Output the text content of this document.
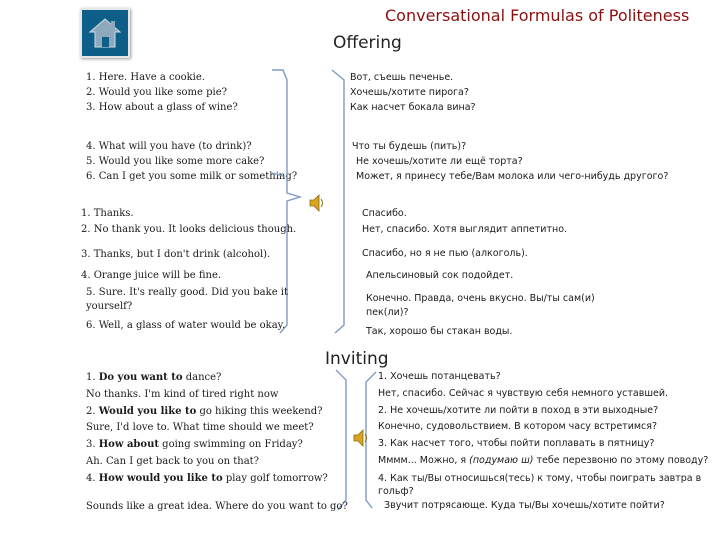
Conversational Formulas of Politeness
Offering
1. Here. Have a cookie.
2. Would you like some pie?
3. How about a glass of wine?
Вот, съешь печенье.
Хочешь/хотите пирога?
Как насчет бокала вина?
4. What will you have (to drink)?
5. Would you like some more cake?
6. Can I get you some milk or something?
Что ты будешь (пить)?
Не хочешь/хотите ли ещё торта?
Может, я принесу тебе/Вам молока или чего-нибудь другого?
1. Thanks.
2. No thank you. It looks delicious though.
3. Thanks, but I don't drink (alcohol).
4. Orange juice will be fine.
5. Sure. It's really good. Did you bake it
yourself?
6. Well, a glass of water would be okay.
Спасибо.
Нет, спасибо. Хотя выглядит аппетитно.
Спасибо, но я не пью (алкоголь).
Апельсиновый сок подойдет.
Конечно. Правда, очень вкусно. Вы/ты сам(и)
пек(ли)?
Так, хорошо бы стакан воды.
Inviting
1. Do you want to dance?
No thanks. I'm kind of tired right now
2. Would you like to go hiking this weekend?
Sure, I'd love to. What time should we meet?
3. How about going swimming on Friday?
Ah. Can I get back to you on that?
4. How would you like to play golf tomorrow?
Sounds like a great idea. Where do you want to go?
1. Хочешь потанцевать?
Нет, спасибо. Сейчас я чувствую себя немного уставшей.
2. Не хочешь/хотите ли пойти в поход в эти выходные?
Конечно, судовольствием. В котором часу встретимся?
3. Как насчет того, чтобы пойти поплавать в пятницу?
Мммм... Можно, я (подумаю ш) тебе перезвоню по этому поводу?
4. Как ты/Вы относишься(тесь) к тому, чтобы поиграть завтра в
гольф?
Звучит потрясающе. Куда ты/Вы хочешь/хотите пойти?
